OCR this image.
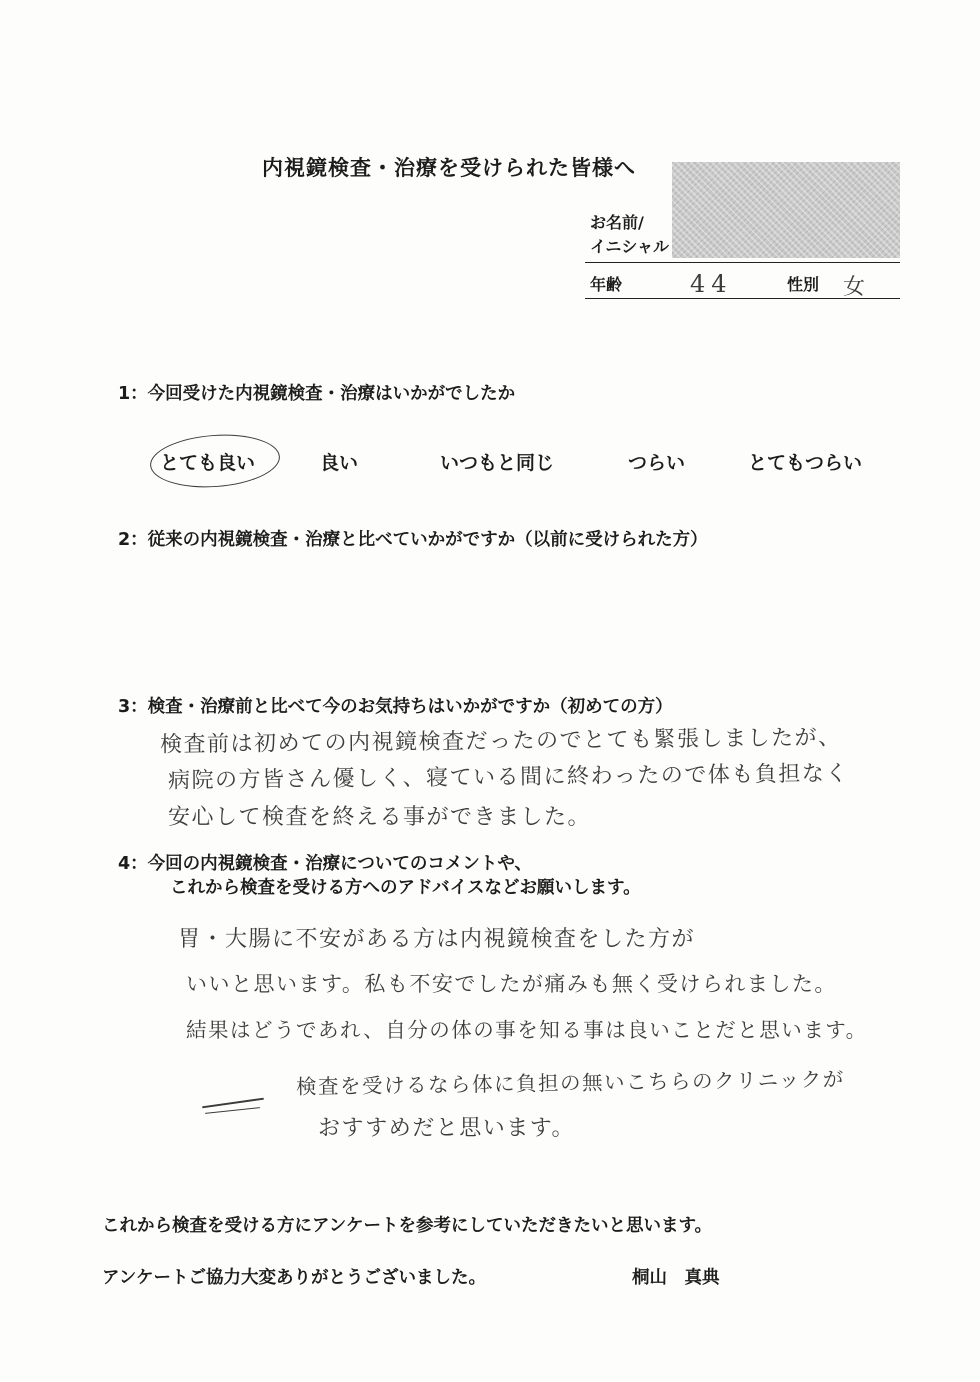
内視鏡検査・治療を受けられた皆様へ
お名前/
イニシャル
年齢	44	性別 女
1：今回受けた内視鏡検査・治療はいかがでしたか
とても良い	良い	いつもと同じ	つらい	とてもつらい
2：従来の内視鏡検査・治療と比べていかがですか（以前に受けられた方）
3：検査・治療前と比べて今のお気持ちはいかがですか（初めての方）
検査前は初めての内視鏡検査だったのでとても緊張しましたが、
病院の方皆さん優しく、寝ている間に終わったので体も負担なく
安心して検査を終える事ができました。
4：今回の内視鏡検査・治療についてのコメントや、
これから検査を受ける方へのアドバイスなどお願いします。
胃・大腸に不安がある方は内視鏡検査をした方が
いいと思います。私も不安でしたが痛みも無く受けられました。
結果はどうであれ、自分の体の事を知る事は良いことだと思います。
検査を受けるなら体に負担の無いこちらのクリニックが
おすすめだと思います。
これから検査を受ける方にアンケートを参考にしていただきたいと思います。
アンケートご協力大変ありがとうございました。	桐山　真典
